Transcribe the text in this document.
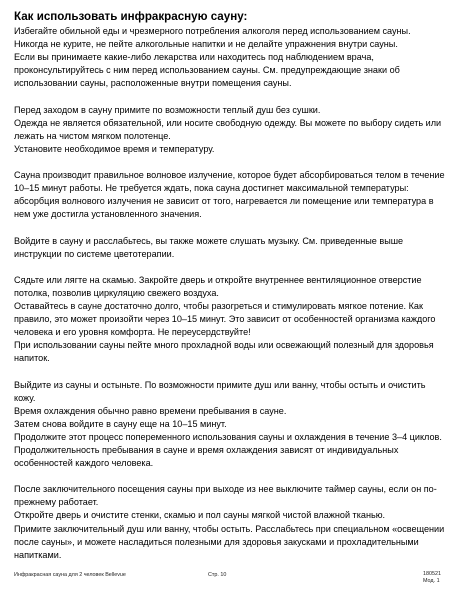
Как использовать инфракрасную сауну:
Избегайте обильной еды и чрезмерного потребления алкоголя перед использованием сауны.
Никогда не курите, не пейте алкогольные напитки и не делайте упражнения внутри сауны.
Если вы принимаете какие-либо лекарства или находитесь под наблюдением врача,
проконсультируйтесь с ним перед использованием сауны. См. предупреждающие знаки об
использовании сауны, расположенные внутри помещения сауны.
Перед заходом в сауну примите по возможности теплый душ без сушки.
Одежда не является обязательной, или носите свободную одежду. Вы можете по выбору сидеть или
лежать на чистом мягком полотенце.
Установите необходимое время и температуру.
Сауна производит правильное волновое излучение, которое будет абсорбироваться телом в течение
10–15 минут работы. Не требуется ждать, пока сауна достигнет максимальной температуры:
абсорбция волнового излучения не зависит от того, нагревается ли помещение или температура в
нем уже достигла установленного значения.
Войдите в сауну и расслабьтесь, вы также можете слушать музыку. См. приведенные выше
инструкции по системе цветотерапии.
Сядьте или лягте на скамью. Закройте дверь и откройте внутреннее вентиляционное отверстие
потолка, позволив циркуляцию свежего воздуха.
Оставайтесь в сауне достаточно долго, чтобы разогреться и стимулировать мягкое потение. Как
правило, это может произойти через 10–15 минут. Это зависит от особенностей организма каждого
человека и его уровня комфорта. Не переусердствуйте!
При использовании сауны пейте много прохладной воды или освежающий полезный для здоровья
напиток.
Выйдите из сауны и остыньте. По возможности примите душ или ванну, чтобы остыть и очистить
кожу.
Время охлаждения обычно равно времени пребывания в сауне.
Затем снова войдите в сауну еще на 10–15 минут.
Продолжите этот процесс попеременного использования сауны и охлаждения в течение 3–4 циклов.
Продолжительность пребывания в сауне и время охлаждения зависят от индивидуальных
особенностей каждого человека.
После заключительного посещения сауны при выходе из нее выключите таймер сауны, если он по-
прежнему работает.
Откройте дверь и очистите стенки, скамью и пол сауны мягкой чистой влажной тканью.
Примите заключительный душ или ванну, чтобы остыть. Расслабьтесь при специальном «освещении
после сауны», и можете насладиться полезными для здоровья закусками и прохладительными
напитками.
Инфракрасная сауна для 2 человек Bellevue	Стр. 10	180521
Мод. 1
